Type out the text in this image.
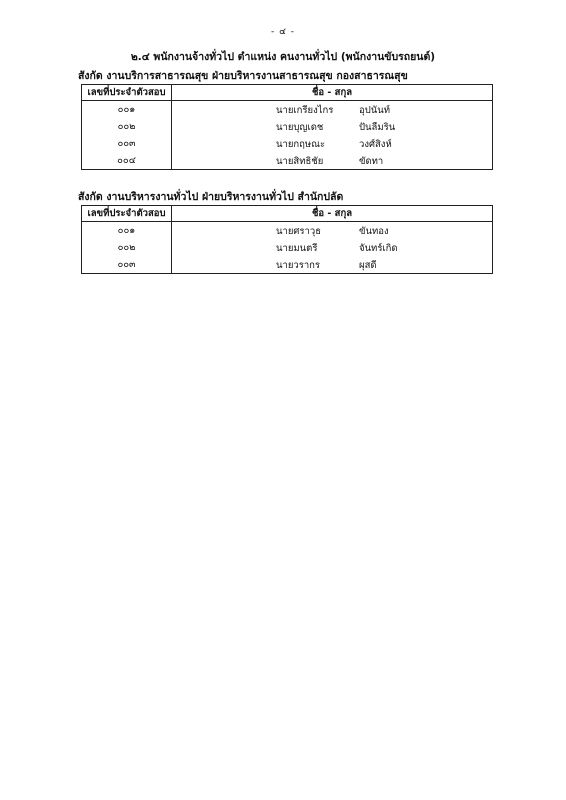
- ๔ -
๒.๔ พนักงานจ้างทั่วไป ตำแหน่ง คนงานทั่วไป (พนักงานขับรถยนต์)
สังกัด งานบริการสาธารณสุข ฝ่ายบริหารงานสาธารณสุข กองสาธารณสุข
เลขที่ประจำตัวสอบ	ชื่อ - สกุล
๐๐๑	นายเกรียงไกร อุปนันท์

๐๐๒	นายบุญเดช ปันลืมริน

๐๐๓	นายกฤษณะ วงศ์สิงห์

๐๐๔	นายสิทธิชัย ขัดทา
สังกัด งานบริหารงานทั่วไป ฝ่ายบริหารงานทั่วไป สำนักปลัด
เลขที่ประจำตัวสอบ	ชื่อ - สกุล
๐๐๑	นายศราวุธ ขันทอง

๐๐๒	นายมนตรี จันทร์เกิด

๐๐๓	นายวรากร ผุสดี
